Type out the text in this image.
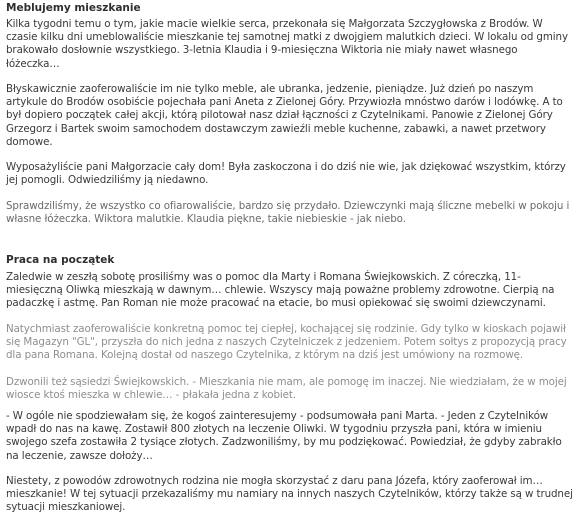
Meblujemy mieszkanie

Kilka tygodni temu o tym, jakie macie wielkie serca, przekonała się Małgorzata Szczygłowska z Brodów. W czasie kilku dni umeblowaliście mieszkanie tej samotnej matki z dwojgiem malutkich dzieci. W lokalu od gminy brakowało dosłownie wszystkiego. 3-letnia Klaudia i 9-miesięczna Wiktoria nie miały nawet własnego łóżeczka…

Błyskawicznie zaoferowaliście im nie tylko meble, ale ubranka, jedzenie, pieniądze. Już dzień po naszym artykule do Brodów osobiście pojechała pani Aneta z Zielonej Góry. Przywiozła mnóstwo darów i lodówkę. A to był dopiero początek całej akcji, którą pilotował nasz dział łączności z Czytelnikami. Panowie z Zielonej Góry Grzegorz i Bartek swoim samochodem dostawczym zawieźli meble kuchenne, zabawki, a nawet przetwory domowe.

Wyposażyliście pani Małgorzacie cały dom! Była zaskoczona i do dziś nie wie, jak dziękować wszystkim, którzy jej pomogli. Odwiedziliśmy ją niedawno.

Sprawdziliśmy, że wszystko co ofiarowaliście, bardzo się przydało. Dziewczynki mają śliczne mebelki w pokoju i własne łóżeczka. Wiktora malutkie. Klaudia piękne, takie niebieskie - jak niebo.

Praca na początek

Zaledwie w zeszłą sobotę prosiliśmy was o pomoc dla Marty i Romana Świejkowskich. Z córeczką, 11-miesięczną Oliwką mieszkają w dawnym… chlewie. Wszyscy mają poważne problemy zdrowotne. Cierpią na padaczkę i astmę. Pan Roman nie może pracować na etacie, bo musi opiekować się swoimi dziewczynami.

Natychmiast zaoferowaliście konkretną pomoc tej ciepłej, kochającej się rodzinie. Gdy tylko w kioskach pojawił się Magazyn "GL", przyszła do nich jedna z naszych Czytelniczek z jedzeniem. Potem sołtys z propozycją pracy dla pana Romana. Kolejną dostał od naszego Czytelnika, z którym na dziś jest umówiony na rozmowę.

Dzwonili też sąsiedzi Świejkowskich. - Mieszkania nie mam, ale pomogę im inaczej. Nie wiedziałam, że w mojej wiosce ktoś mieszka w chlewie… - płakała jedna z kobiet.

- W ogóle nie spodziewałam się, że kogoś zainteresujemy - podsumowała pani Marta. - Jeden z Czytelników wpadł do nas na kawę. Zostawił 800 złotych na leczenie Oliwki. W tygodniu przyszła pani, która w imieniu swojego szefa zostawiła 2 tysiące złotych. Zadzwoniliśmy, by mu podziękować. Powiedział, że gdyby zabrakło na leczenie, zawsze dołoży…

Niestety, z powodów zdrowotnych rodzina nie mogła skorzystać z daru pana Józefa, który zaoferował im… mieszkanie! W tej sytuacji przekazaliśmy mu namiary na innych naszych Czytelników, którzy także są w trudnej sytuacji mieszkaniowej.
